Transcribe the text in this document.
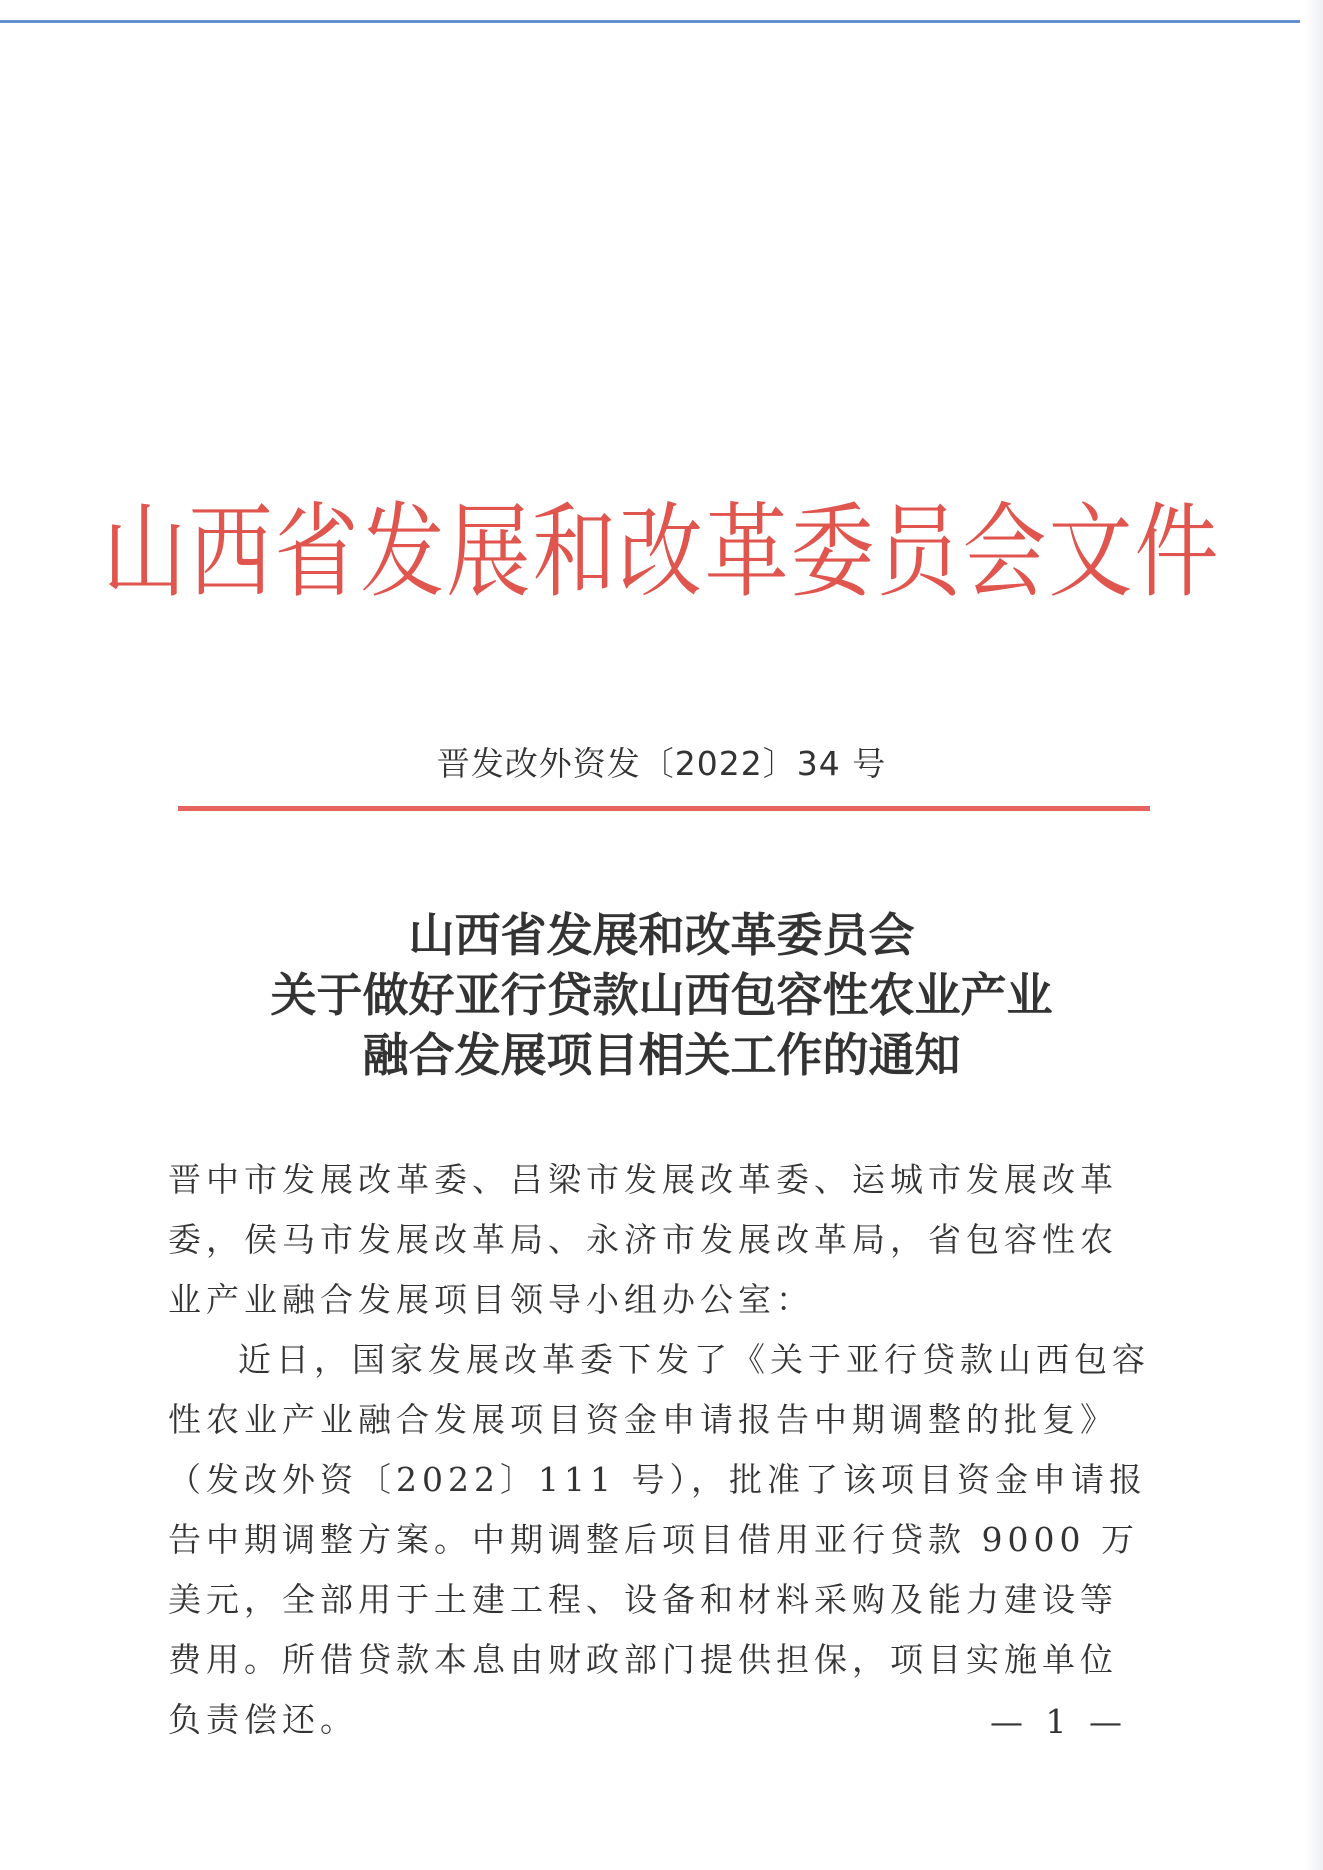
山西省发展和改革委员会文件
晋发改外资发〔2022〕34 号
山西省发展和改革委员会
关于做好亚行贷款山西包容性农业产业
融合发展项目相关工作的通知

晋中市发展改革委、吕梁市发展改革委、运城市发展改革委，侯马市发展改革局、永济市发展改革局，省包容性农业产业融合发展项目领导小组办公室：

近日，国家发展改革委下发了《关于亚行贷款山西包容性农业产业融合发展项目资金申请报告中期调整的批复》（发改外资〔2022〕111 号），批准了该项目资金申请报告中期调整方案。中期调整后项目借用亚行贷款 9000 万美元，全部用于土建工程、设备和材料采购及能力建设等费用。所借贷款本息由财政部门提供担保，项目实施单位负责偿还。	— 1 —
